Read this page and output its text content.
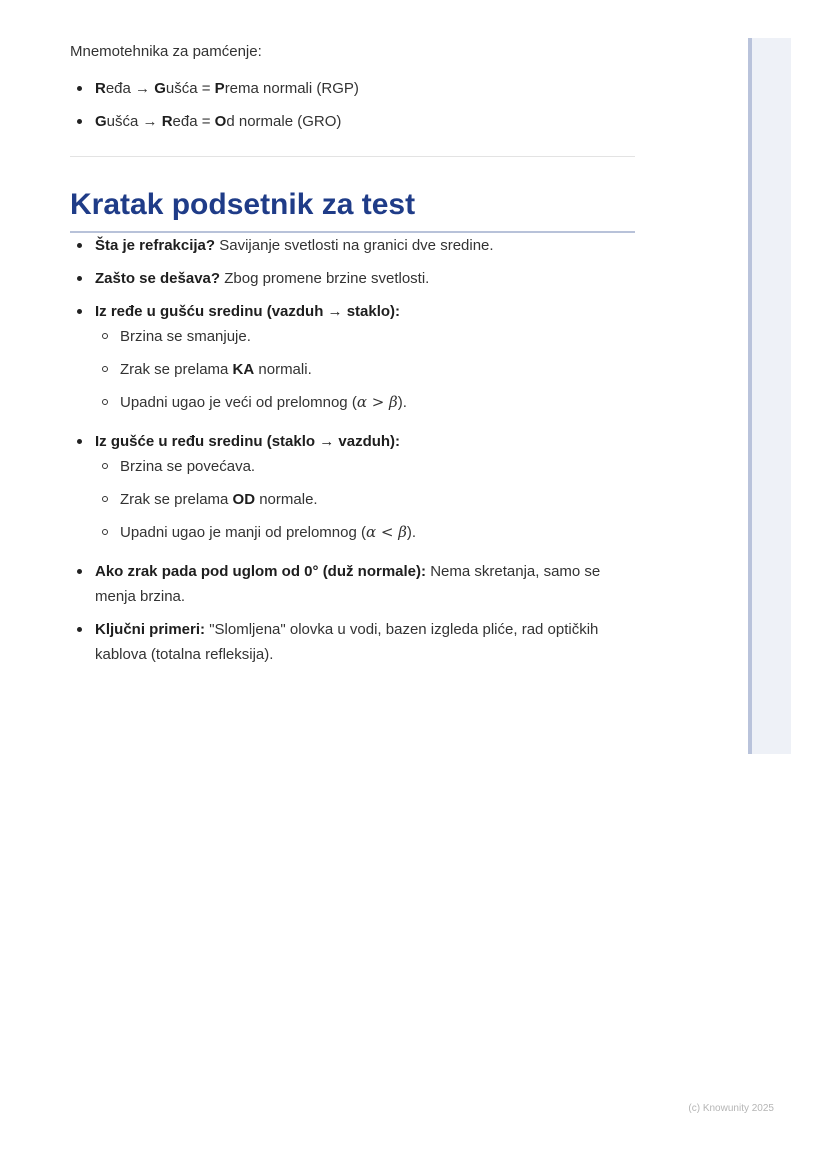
Mnemotehnika za pamćenje:

Ređa → Gušća = Prema normali (RGP)
Gušća → Ređa = Od normale (GRO)
Kratak podsetnik za test
Šta je refrakcija? Savijanje svetlosti na granici dve sredine.
Zašto se dešava? Zbog promene brzine svetlosti.
Iz ređe u gušću sredinu (vazduh → staklo):
Brzina se smanjuje.
Zrak se prelama KA normali.
Upadni ugao je veći od prelomnog (α > β).
Iz gušće u ređu sredinu (staklo → vazduh):
Brzina se povećava.
Zrak se prelama OD normale.
Upadni ugao je manji od prelomnog (α < β).
Ako zrak pada pod uglom od 0° (duž normale): Nema skretanja, samo se menja brzina.
Ključni primeri: "Slomljena" olovka u vodi, bazen izgleda plićе, rad optičkih kablova (totalna refleksija).
(c) Knowunity 2025
